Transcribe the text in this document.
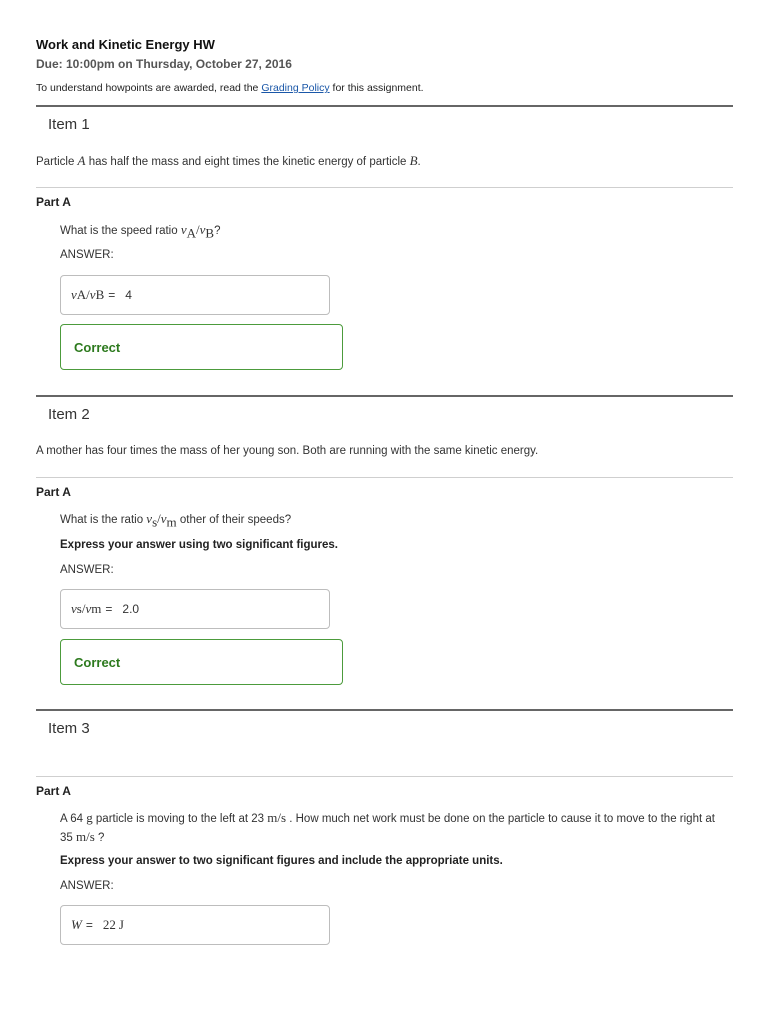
Work and Kinetic Energy HW
Due: 10:00pm on Thursday, October 27, 2016
To understand howpoints are awarded, read the Grading Policy for this assignment.
Item 1
Particle A has half the mass and eight times the kinetic energy of particle B.
Part A
What is the speed ratio $v_A/v_B$?
ANSWER:
v A / v B = 4
Correct
Item 2
A mother has four times the mass of her young son. Both are running with the same kinetic energy.
Part A
What is the ratio $v_s/v_m$ other of their speeds?
Express your answer using two significant figures.
ANSWER:
v s / v m = 2.0
Correct
Item 3
Part A
A 64 g particle is moving to the left at 23 m/s . How much net work must be done on the particle to cause it to move to the right at 35 m/s ?
Express your answer to two significant figures and include the appropriate units.
ANSWER:
W = 22 J
